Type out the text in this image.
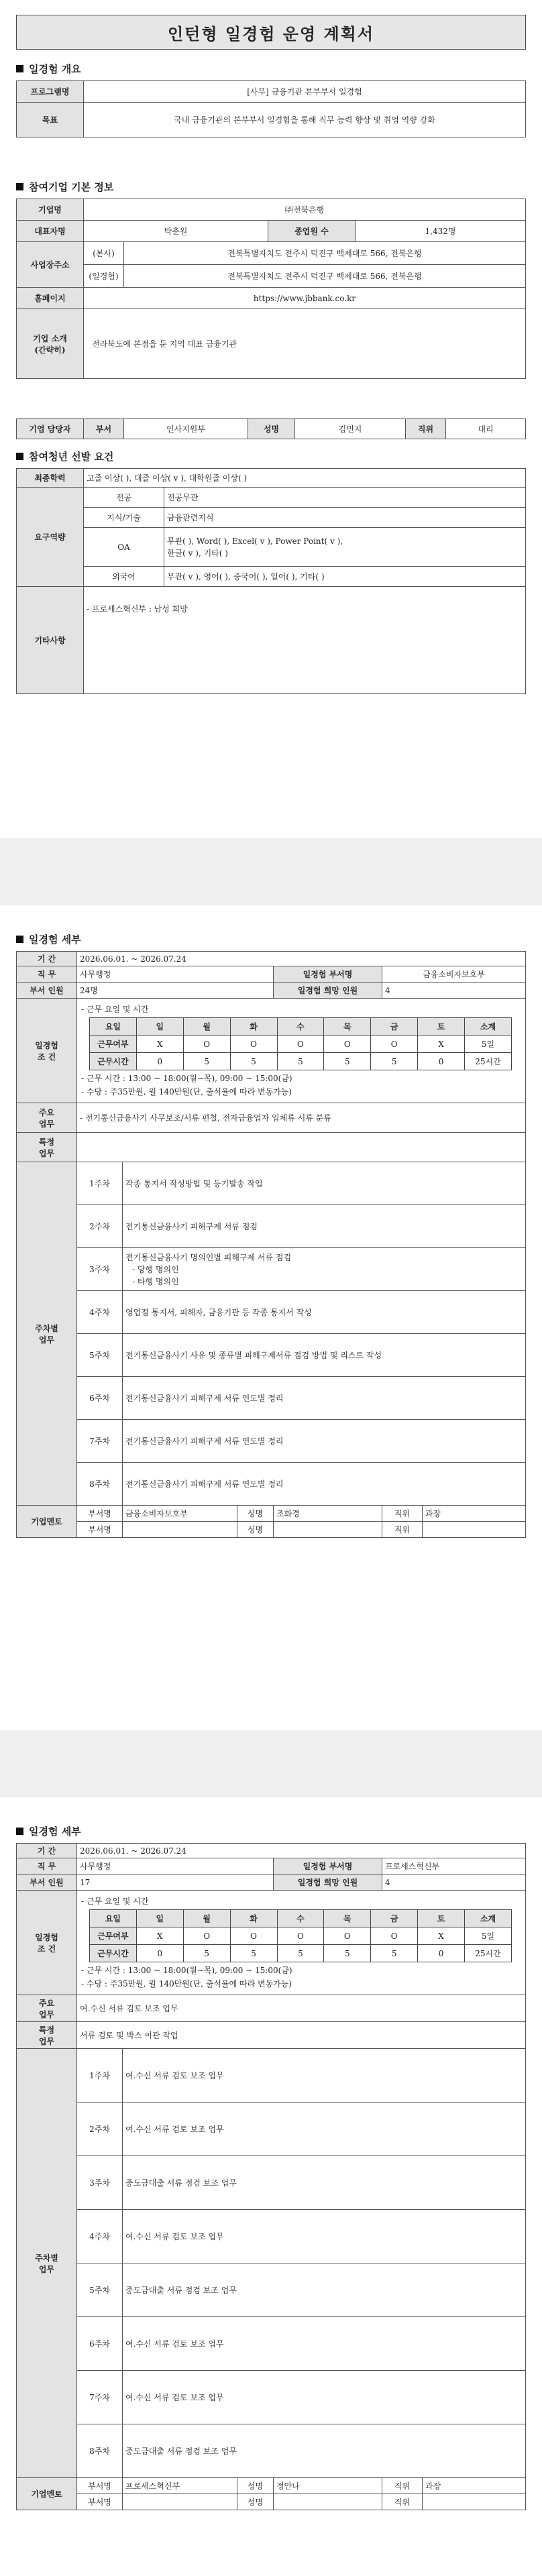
인턴형 일경험 운영 계획서
일경험 개요
프로그램명	[사무] 금융기관 본부부서 일경험
목표	국내 금융기관의 본부부서 일경험을 통해 직무 능력 향상 및 취업 역량 강화
참여기업 기본 정보
기업명	㈜전북은행			
대표자명	박춘원		종업원 수	1,432명
사업장주소	(본사)	전북특별자치도 전주시 덕진구 백제대로 566, 전북은행		
	(일경험)	전북특별자치도 전주시 덕진구 백제대로 566, 전북은행		
홈페이지	https://www.jbbank.co.kr			
기업 소개
(간략히)	전라북도에 본점을 둔 지역 대표 금융기관			
기업 담당자	부서	인사지원부	성명	김민지	직위	대리
참여청년 선발 요건
최종학력	고졸 이상( ), 대졸 이상( v ), 대학원졸 이상( )	
요구역량	전공	전공무관
	지식/기술	금융관련지식
	OA	무관( ), Word( ), Excel( v ), Power Point( v ),
한글( v ), 기타( )

	외국어	무관( v ), 영어( ), 중국어( ), 일어( ), 기타( )
기타사항	- 프로세스혁신부 : 남성 희망	
일경험 세부
기 간	2026.06.01. ~ 2026.07.24
직 무	사무행정	일경험 부서명	금융소비자보호부
부서 인원	24명	일경험 희망 인원	4
일경험
조 건	
- 근무 요일 및 시간
요일	일	월	화	수	목	금	토	소계
근무여부	X	O	O	O	O	O	X	5일
근무시간	0	5	5	5	5	5	0	25시간
- 근무 시간 : 13:00 ~ 18:00(월~목), 09:00 ~ 15:00(금)
- 수당 : 주35만원, 월 140만원(단, 출석율에 따라 변동가능)

주요
업무	- 전기통신금융사기 사무보조/서류 편철, 전자금융업자 입체류 서류 분류
특정
업무	
주차별
업무	1주차	각종 통지서 작성방법 및 등기발송 작업
2주차	전기통신금융사기 피해구제 서류 점검
3주차	
전기통신금융사기 명의인별 피해구제 서류 점검
- 당행 명의인
- 타행 명의인

4주차	영업점 통지서, 피해자, 금융기관 등 각종 통지서 작성
5주차	전기통신금융사기 사유 및 종류별 피해구제서류 점검 방법 및 리스트 작성
6주차	전기통신금융사기 피해구제 서류 연도별 정리
7주차	전기통신금융사기 피해구제 서류 연도별 정리
8주차	전기통신금융사기 피해구제 서류 연도별 정리
기업멘토	부서명	금융소비자보호부	성명	조화경	직위	과장
부서명		성명		직위	
일경험 세부
기 간	2026.06.01. ~ 2026.07.24
직 무	사무행정	일경험 부서명	프로세스혁신부
부서 인원	17	일경험 희망 인원	4
일경험
조 건	
- 근무 요일 및 시간
요일	일	월	화	수	목	금	토	소계
근무여부	X	O	O	O	O	O	X	5일
근무시간	0	5	5	5	5	5	0	25시간
- 근무 시간 : 13:00 ~ 18:00(월~목), 09:00 ~ 15:00(금)
- 수당 : 주35만원, 월 140만원(단, 출석율에 따라 변동가능)

주요
업무	여.수신 서류 검토 보조 업무
특정
업무	서류 검토 및 박스 이관 작업
주차별
업무	1주차	여.수신 서류 검토 보조 업무
2주차	여.수신 서류 검토 보조 업무
3주차	중도금대출 서류 점검 보조 업무
4주차	여.수신 서류 검토 보조 업무
5주차	중도금대출 서류 점검 보조 업무
6주차	여.수신 서류 검토 보조 업무
7주차	여.수신 서류 검토 보조 업무
8주차	중도금대출 서류 점검 보조 업무
기업멘토	부서명	프로세스혁신부	성명	정안나	직위	과장
부서명		성명		직위	
